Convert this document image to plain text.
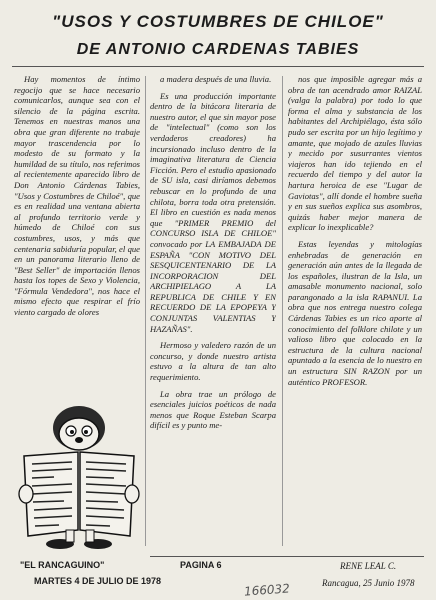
"USOS Y COSTUMBRES DE CHILOE"
DE ANTONIO CARDENAS TABIES

Hay momentos de íntimo regocijo que se hace necesario comunicarlos, aunque sea con el silencio de la página escrita. Tenemos en nuestras manos una obra que gran diferente no trabaje mayor trascendencia por lo modesto de su formato y la humildad de su título, nos referimos al recientemente aparecido libro de Don Antonio Cárdenas Tabies, "Usos y Costumbres de Chiloé", que es en realidad una ventana abierta al profundo territorio verde y húmedo de Chiloé con sus costumbres, usos, y más que centenaria sabiduría popular, el que en un panorama literario lleno de "Best Seller" de importación llenos hasta los topes de Sexo y Violencia, "Fórmula Vendedora", nos hace el mismo efecto que respirar el frío viento cargado de olores

a madera después de una lluvia.

Es una producción importante dentro de la bitácora literaria de nuestro autor, el que sin mayor pose de "intelectual" (como son los verdaderos creadores) ha incursionado incluso dentro de la imaginativa literatura de Ciencia Ficción. Pero el estudio apasionado de SU isla, casi diríamos debemos rebuscar en lo profundo de una chilota, borra toda otra pretensión. El libro en cuestión es nada menos que "PRIMER PREMIO del CONCURSO ISLA DE CHILOE" convocado por LA EMBAJADA DE ESPAÑA "CON MOTIVO DEL SESQUICENTENARIO DE LA INCORPORACION DEL ARCHIPIELAGO A LA REPUBLICA DE CHILE Y EN RECUERDO DE LA EPOPEYA Y CONJUNTAS VALENTIAS Y HAZAÑAS".

Hermoso y valedero razón de un concurso, y donde nuestro artista estuvo a la altura de tan alto requerimiento.

La obra trae un prólogo de esenciales juicios poéticos de nada menos que Roque Esteban Scarpa difícil es y punto me-

nos que imposible agregar más a obra de tan acendrado amor RAIZAL (valga la palabra) por todo lo que forma el alma y substancia de los habitantes del Archipiélago, ésta sólo pudo ser escrita por un hijo legítimo y amante, que mojado de azules lluvias y mecido por susurrantes vientos viajeros han ido tejiendo en el recuerdo del tiempo y del autor la hartura heroica de ese "Lugar de Gaviotas", allí donde el hombre sueña y en sus sueños explica sus asombros, quizás haber mejor manera de explicar lo inexplicable?

Estas leyendas y mitologías enhebradas de generación en generación aún antes de la llegada de los españoles, ilustran de la Isla, un amasable monumento nacional, solo parangonado a la isla RAPANUI. La obra que nos entrega nuestro colega Cárdenas Tabies es un rico aporte al conocimiento del folklore chilote y un valioso libro que colocado en la estructura de la cultura nacional apuntado a la esencia de lo nuestro en un estructura SIN RAZON por un auténtico PROFESOR.

"EL RANCAGUINO"	PAGINA 6	RENE LEAL C.
MARTES 4 DE JULIO DE 1978	Rancagua, 25 Junio 1978
166032
